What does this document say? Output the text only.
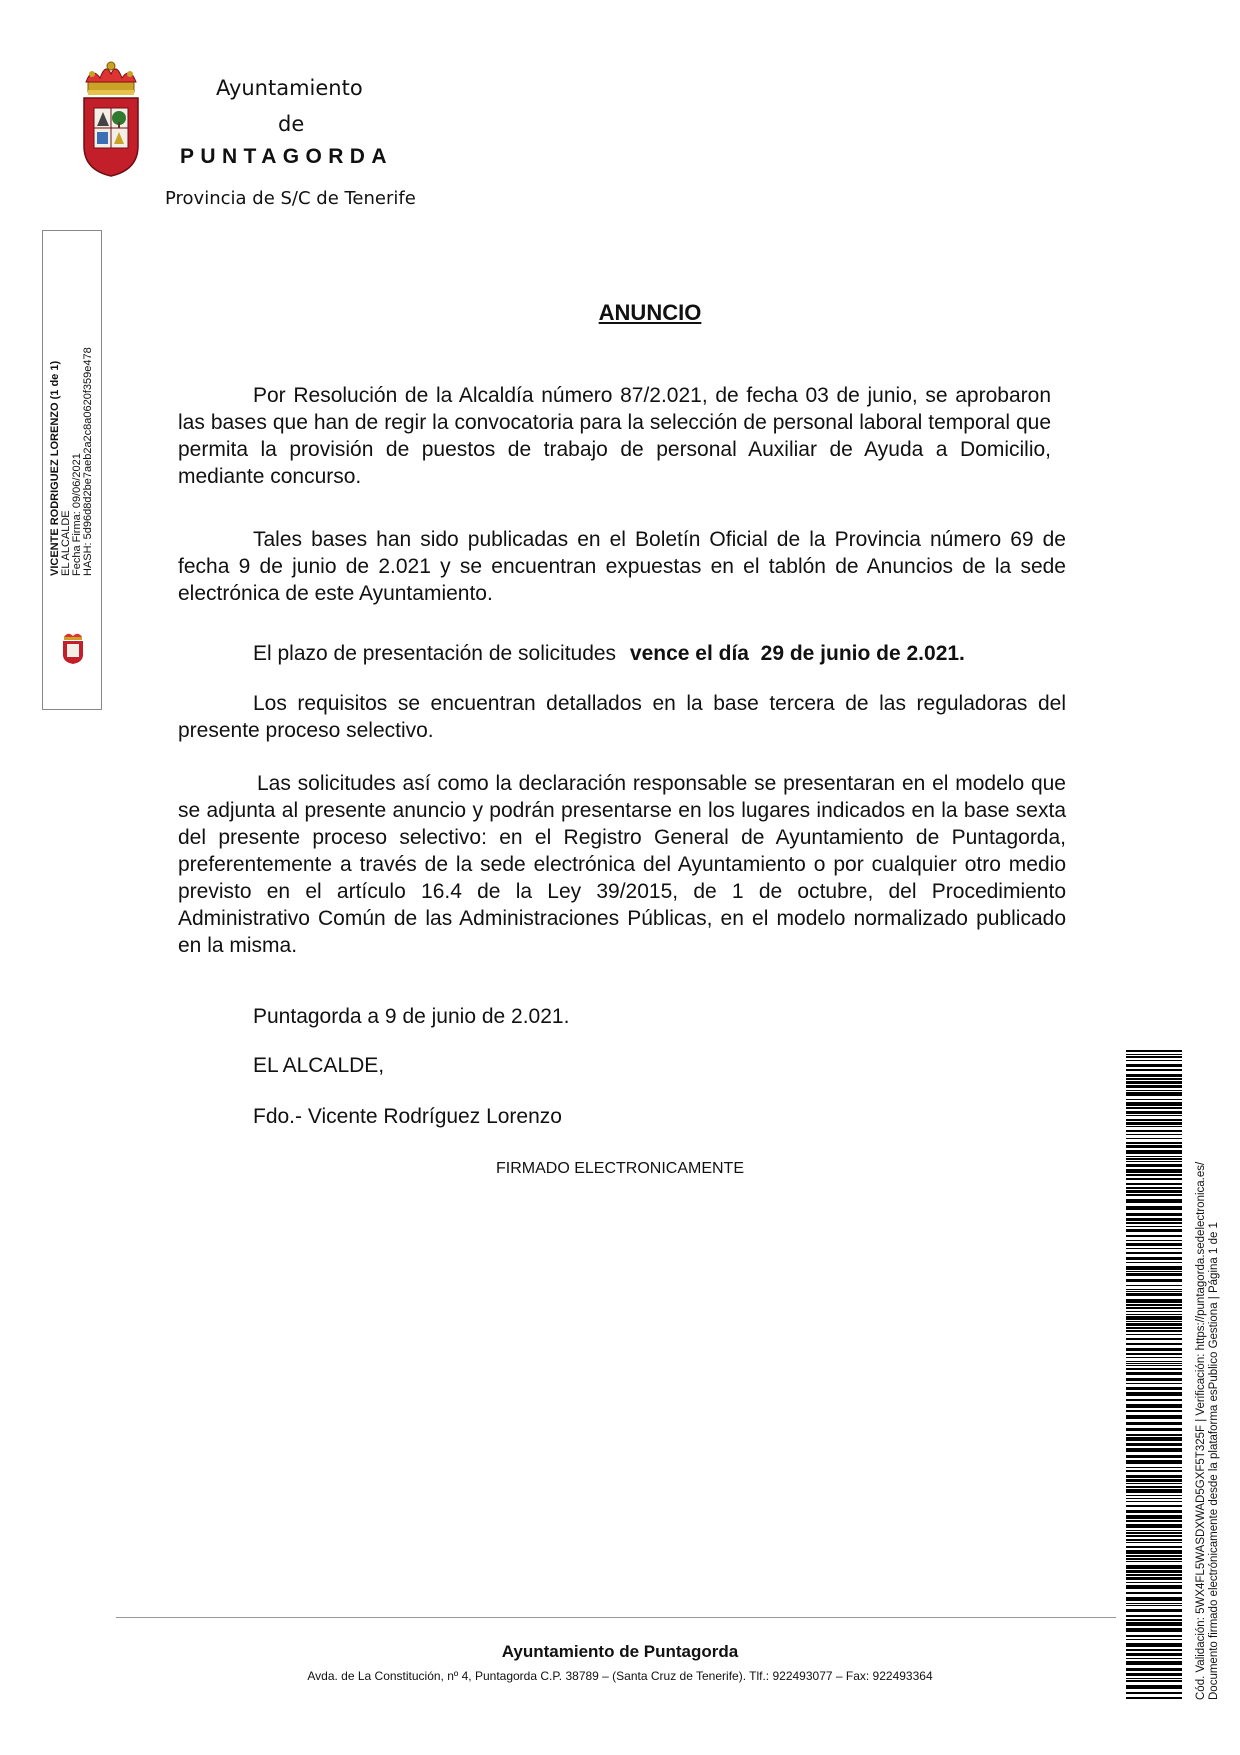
Ayuntamiento
de
PUNTAGORDA
Provincia de S/C de Tenerife
VICENTE RODRIGUEZ LORENZO (1 de 1) EL ALCALDE Fecha Firma: 09/06/2021 HASH: 5d96d8d2be7aeb2a2c8a0620f359e478
ANUNCIO
Por Resolución de la Alcaldía número 87/2.021, de fecha 03 de junio, se aprobaron las bases que han de regir la convocatoria para la selección de personal laboral temporal que permita la provisión de puestos de trabajo de personal Auxiliar de Ayuda a Domicilio, mediante concurso.
Tales bases han sido publicadas en el Boletín Oficial de la Provincia número 69 de fecha 9 de junio de 2.021 y se encuentran expuestas en el tablón de Anuncios de la sede electrónica de este Ayuntamiento.
El plazo de presentación de solicitudes vence el día  29 de junio de 2.021.
Los requisitos se encuentran detallados en la base tercera de las reguladoras del presente proceso selectivo.
Las solicitudes así como la declaración responsable se presentaran en el modelo que se adjunta al presente anuncio y podrán presentarse en los lugares indicados en la base sexta del presente proceso selectivo: en el Registro General de Ayuntamiento de Puntagorda, preferentemente a través de la sede electrónica del Ayuntamiento o por cualquier otro medio previsto en el artículo 16.4 de la Ley 39/2015, de 1 de octubre, del Procedimiento Administrativo Común de las Administraciones Públicas, en el modelo normalizado publicado en la misma.
Puntagorda a 9 de junio de 2.021.
EL ALCALDE,
Fdo.- Vicente Rodríguez Lorenzo
FIRMADO ELECTRONICAMENTE
Ayuntamiento de Puntagorda
Avda. de La Constitución, nº 4, Puntagorda C.P. 38789 – (Santa Cruz de Tenerife). Tlf.: 922493077 – Fax: 922493364	Cód. Validación: 5WX4FL5WASDXWAD5GXF5T325F | Verificación: https://puntagorda.sedelectronica.es/ Documento firmado electrónicamente desde la plataforma esPublico Gestiona | Página 1 de 1
